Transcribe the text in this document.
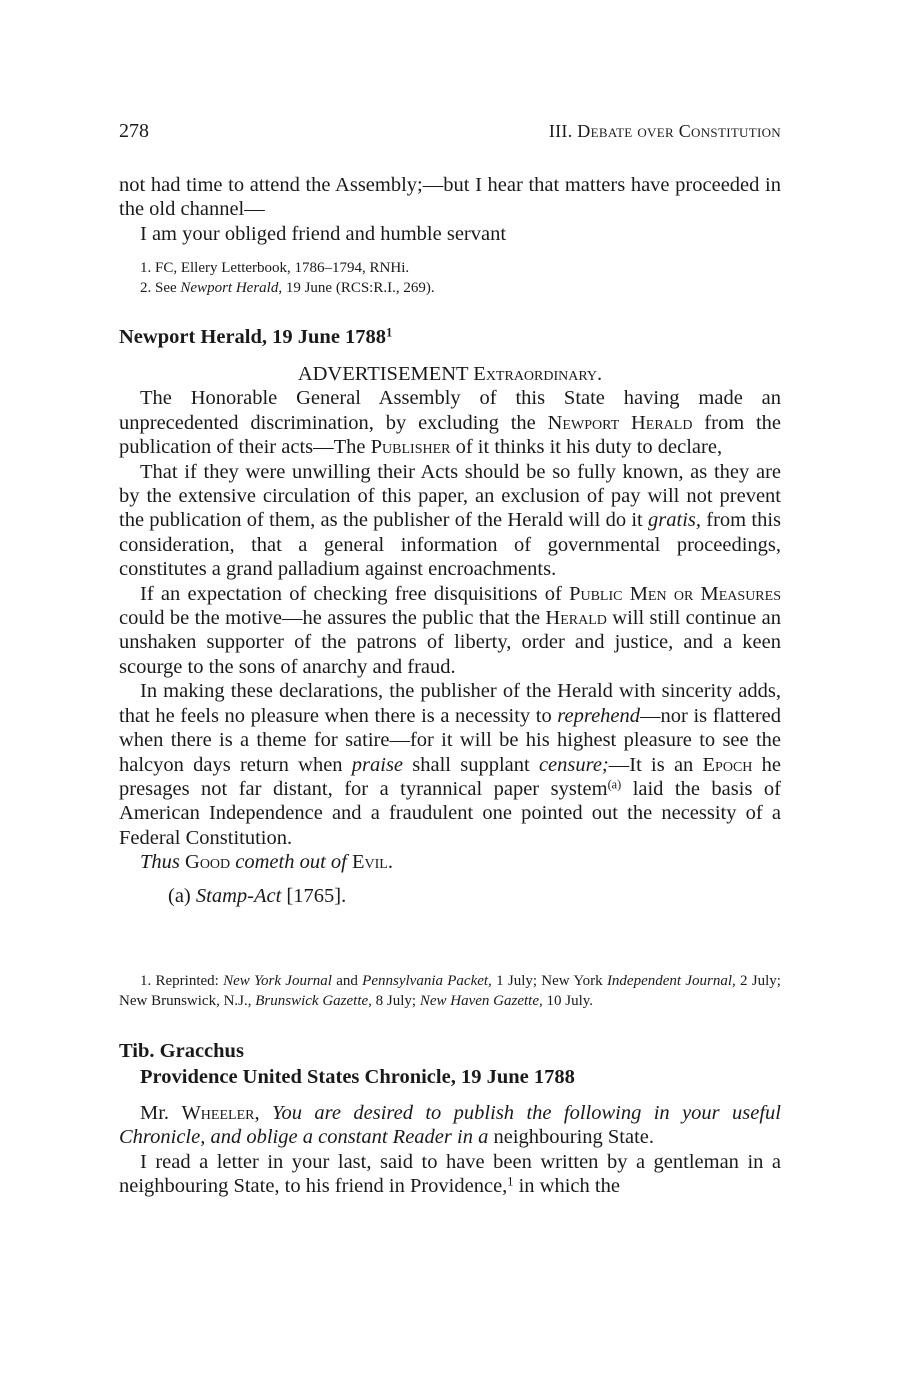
278	III. Debate over Constitution

not had time to attend the Assembly;—but I hear that matters have proceeded in the old channel—

I am your obliged friend and humble servant

1. FC, Ellery Letterbook, 1786–1794, RNHi.

2. See Newport Herald, 19 June (RCS:R.I., 269).

Newport Herald, 19 June 1788$^1$

ADVERTISEMENT Extraordinary.

The Honorable General Assembly of this State having made an unprecedented discrimination, by excluding the Newport Herald from the publication of their acts—The Publisher of it thinks it his duty to declare,

That if they were unwilling their Acts should be so fully known, as they are by the extensive circulation of this paper, an exclusion of pay will not prevent the publication of them, as the publisher of the Herald will do it gratis, from this consideration, that a general information of governmental proceedings, constitutes a grand palladium against encroachments.

If an expectation of checking free disquisitions of Public Men or Measures could be the motive—he assures the public that the Herald will still continue an unshaken supporter of the patrons of liberty, order and justice, and a keen scourge to the sons of anarchy and fraud.

In making these declarations, the publisher of the Herald with sincerity adds, that he feels no pleasure when there is a necessity to reprehend—nor is flattered when there is a theme for satire—for it will be his highest pleasure to see the halcyon days return when praise shall supplant censure;—It is an Epoch he presages not far distant, for a tyrannical paper system$^{(a)}$ laid the basis of American Independence and a fraudulent one pointed out the necessity of a Federal Constitution.

Thus Good cometh out of Evil.

(a) Stamp-Act [1765].

1. Reprinted: New York Journal and Pennsylvania Packet, 1 July; New York Independent Journal, 2 July; New Brunswick, N.J., Brunswick Gazette, 8 July; New Haven Gazette, 10 July.

Tib. Gracchus

Providence United States Chronicle, 19 June 1788

Mr. Wheeler, You are desired to publish the following in your useful Chronicle, and oblige a constant Reader in a neighbouring State.

I read a letter in your last, said to have been written by a gentleman in a neighbouring State, to his friend in Providence,$^1$ in which the
